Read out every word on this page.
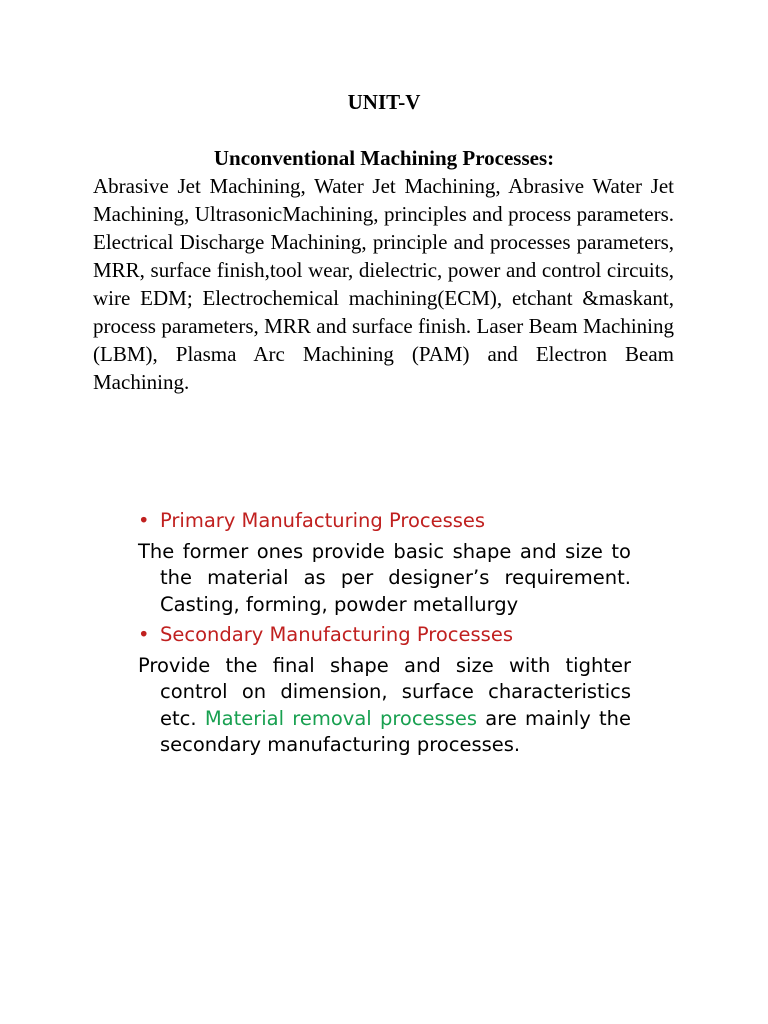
UNIT-V
Unconventional Machining Processes:

Abrasive Jet Machining, Water Jet Machining, Abrasive Water Jet Machining, UltrasonicMachining, principles and process parameters. Electrical Discharge Machining, principle and processes parameters, MRR, surface finish,tool wear, dielectric, power and control circuits, wire EDM; Electrochemical machining(ECM), etchant &maskant, process parameters, MRR and surface finish. Laser Beam Machining (LBM), Plasma Arc Machining (PAM) and Electron Beam Machining.

• Primary Manufacturing Processes

The former ones provide basic shape and size to the material as per designer’s requirement. Casting, forming, powder metallurgy

• Secondary Manufacturing Processes

Provide the final shape and size with tighter control on dimension, surface characteristics etc. Material removal processes are mainly the secondary manufacturing processes.
